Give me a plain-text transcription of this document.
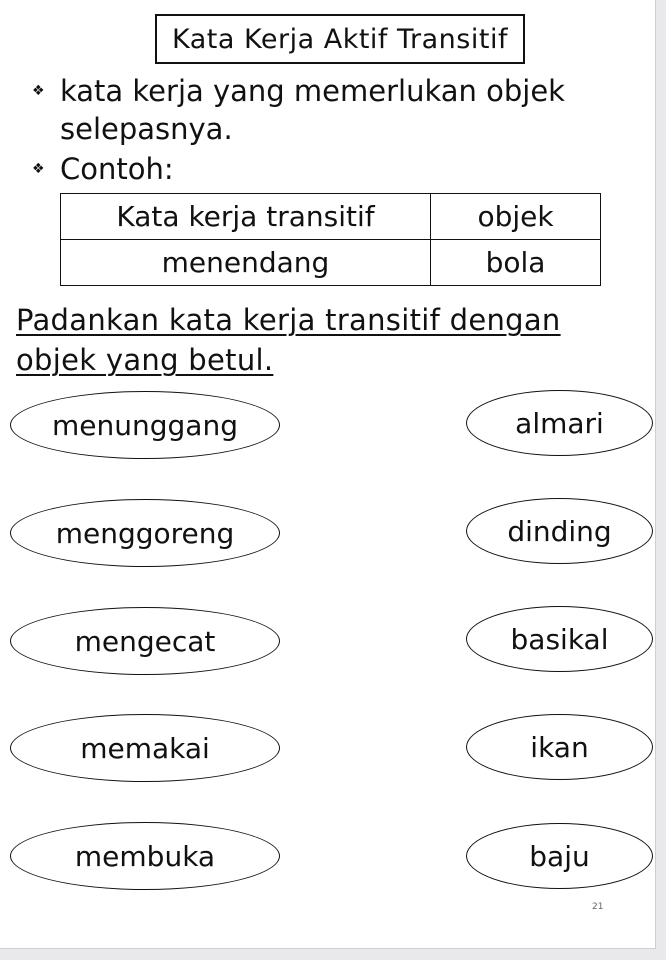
Kata Kerja Aktif Transitif
❖ kata kerja yang memerlukan objek selepasnya.
❖ Contoh:
Kata kerja transitif	objek
menendang	bola
Padankan kata kerja transitif dengan objek yang betul.
menunggang
menggoreng
mengecat
memakai
membuka
almari
dinding
basikal
ikan
baju
21
